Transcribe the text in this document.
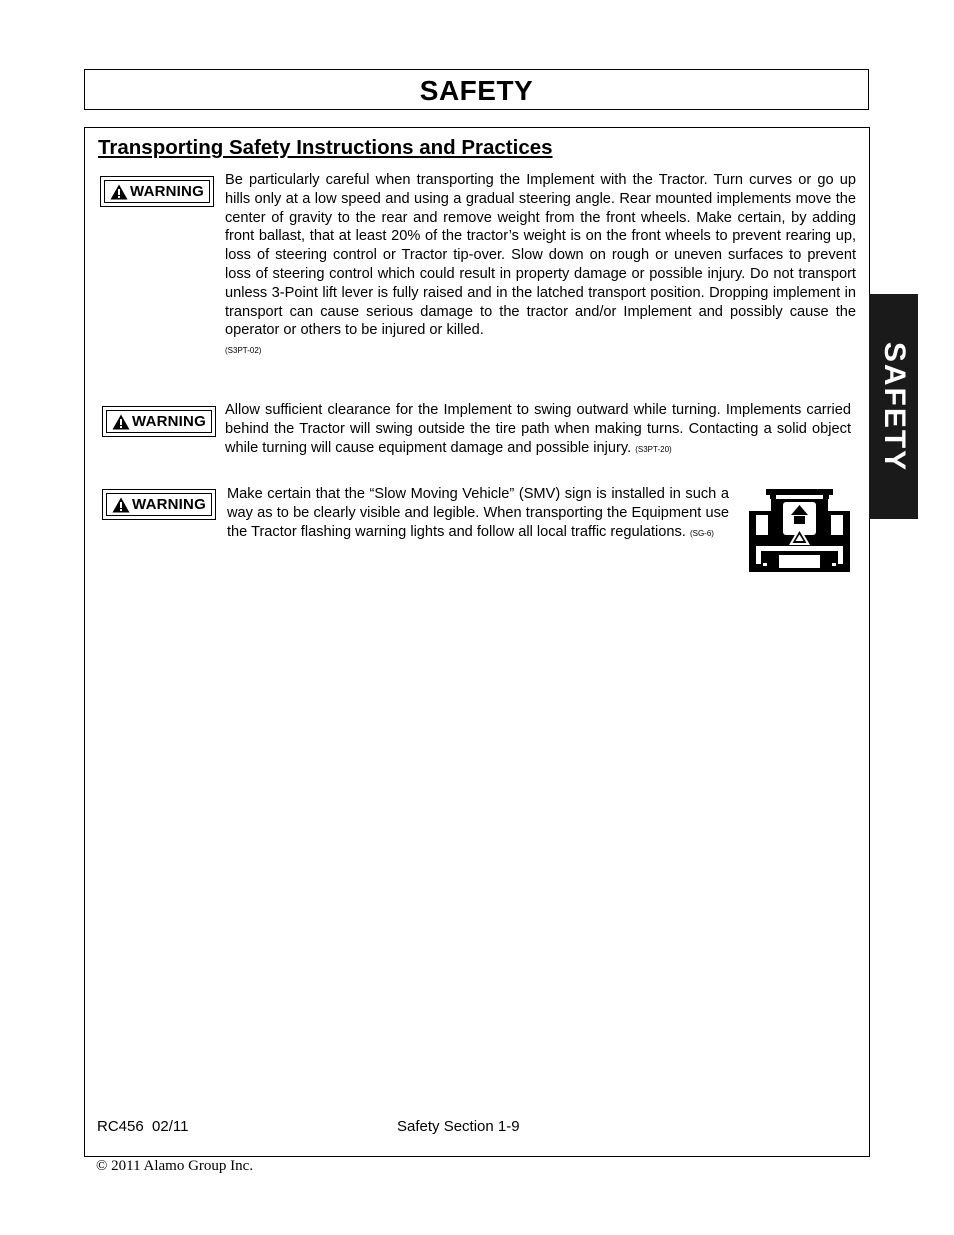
SAFETY
Transporting Safety Instructions and Practices
WARNING
Be particularly careful when transporting the Implement with the Tractor. Turn curves or go up hills only at a low speed and using a gradual steering angle. Rear mounted implements move the center of gravity to the rear and remove weight from the front wheels. Make certain, by adding front ballast, that at least 20% of the tractor’s weight is on the front wheels to prevent rearing up, loss of steering control or Tractor tip-over. Slow down on rough or uneven surfaces to prevent loss of steering control which could result in property damage or possible injury. Do not transport unless 3-Point lift lever is fully raised and in the latched transport position. Dropping implement in transport can cause serious damage to the tractor and/or Implement and possibly cause the operator or others to be injured or killed.
(S3PT-02)
WARNING
Allow sufficient clearance for the Implement to swing outward while turning. Implements carried behind the Tractor will swing outside the tire path when making turns. Contacting a solid object while turning will cause equipment damage and possible injury. (S3PT-20)
WARNING
Make certain that the “Slow Moving Vehicle” (SMV) sign is installed in such a way as to be clearly visible and legible. When transporting the Equipment use the Tractor flashing warning lights and follow all local traffic regulations. (SG-6)
RC456  02/11	Safety Section 1-9
© 2011 Alamo Group Inc.
SAFETY
